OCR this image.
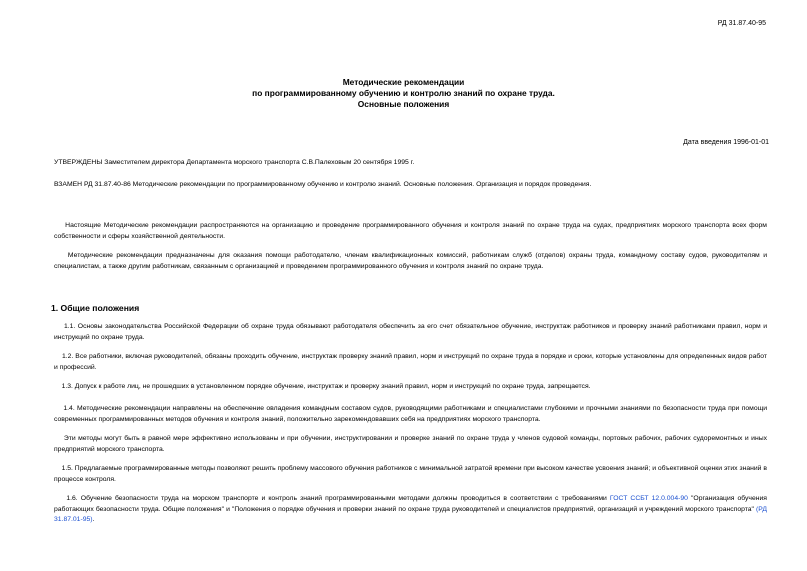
РД 31.87.40-95
Методические рекомендации
по программированному обучению и контролю знаний по охране труда.
Основные положения
Дата введения 1996-01-01
УТВЕРЖДЕНЫ Заместителем директора Департамента морского транспорта С.В.Палеховым 20 сентября 1995 г.
ВЗАМЕН РД 31.87.40-86 Методические рекомендации по программированному обучению и контролю знаний. Основные положения. Организация и порядок проведения.
Настоящие Методические рекомендации распространяются на организацию и проведение программированного обучения и контроля знаний по охране труда на судах, предприятиях морского транспорта всех форм собственности и сферы хозяйственной деятельности.
Методические рекомендации предназначены для оказания помощи работодателю, членам квалификационных комиссий, работникам служб (отделов) охраны труда, командному составу судов, руководителям и специалистам, а также другим работникам, связанным с организацией и проведением программированного обучения и контроля знаний по охране труда.
1. Общие положения
1.1. Основы законодательства Российской Федерации об охране труда обязывают работодателя обеспечить за его счет обязательное обучение, инструктаж работников и проверку знаний работниками правил, норм и инструкций по охране труда.
1.2. Все работники, включая руководителей, обязаны проходить обучение, инструктаж проверку знаний правил, норм и инструкций по охране труда в порядке и сроки, которые установлены для определенных видов работ и профессий.
1.3. Допуск к работе лиц, не прошедших в установленном порядке обучение, инструктаж и проверку знаний правил, норм и инструкций по охране труда, запрещается.
1.4. Методические рекомендации направлены на обеспечение овладения командным составом судов, руководящими работниками и специалистами глубокими и прочными знаниями по безопасности труда при помощи современных программированных методов обучения и контроля знаний, положительно зарекомендовавших себя на предприятиях морского транспорта.
Эти методы могут быть в равной мере эффективно использованы и при обучении, инструктировании и проверке знаний по охране труда у членов судовой команды, портовых рабочих, рабочих судоремонтных и иных предприятий морского транспорта.
1.5. Предлагаемые программированные методы позволяют решить проблему массового обучения работников с минимальной затратой времени при высоком качестве усвоения знаний; и объективной оценки этих знаний в процессе контроля.
1.6. Обучение безопасности труда на морском транспорте и контроль знаний программированными методами должны проводиться в соответствии с требованиями ГОСТ ССБТ 12.0.004-90 "Организация обучения работающих безопасности труда. Общие положения" и "Положения о порядке обучения и проверки знаний по охране труда руководителей и специалистов предприятий, организаций и учреждений морского транспорта" (РД 31.87.01-95).
